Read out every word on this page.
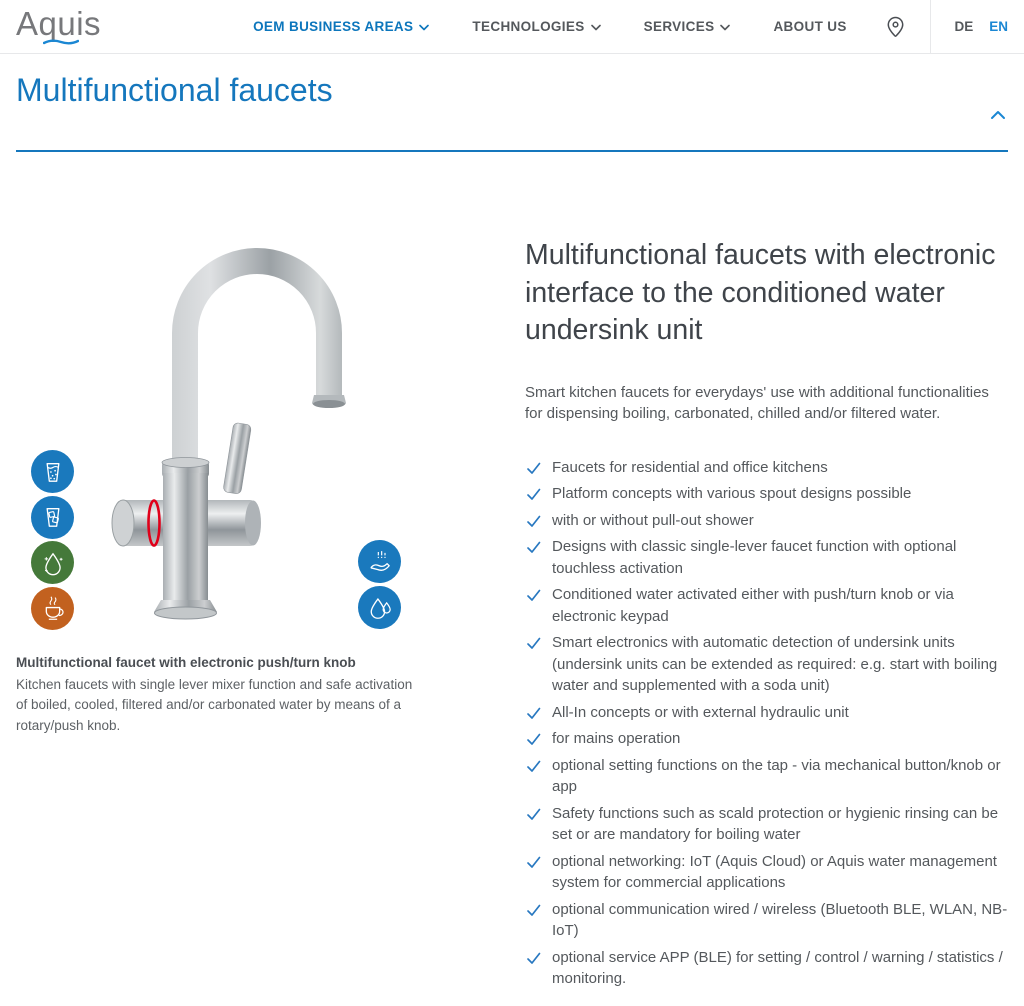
Aquis	OEM BUSINESS AREAS	TECHNOLOGIES	SERVICES	ABOUT US	DE EN
Multifunctional faucets

Multifunctional faucet with electronic push/turn knob

Kitchen faucets with single lever mixer function and safe activation of boiled, cooled, filtered and/or carbonated water by means of a rotary/push knob.

Multifunctional faucets with electronic interface to the conditioned water undersink unit

Smart kitchen faucets for everydays' use with additional functionalities for dispensing boiling, carbonated, chilled and/or filtered water.

Faucets for residential and office kitchens
Platform concepts with various spout designs possible
with or without pull-out shower
Designs with classic single-lever faucet function with optional touchless activation
Conditioned water activated either with push/turn knob or via electronic keypad
Smart electronics with automatic detection of undersink units (undersink units can be extended as required: e.g. start with boiling water and supplemented with a soda unit)
All-In concepts or with external hydraulic unit
for mains operation
optional setting functions on the tap - via mechanical button/knob or app
Safety functions such as scald protection or hygienic rinsing can be set or are mandatory for boiling water
optional networking: IoT (Aquis Cloud) or Aquis water management system for commercial applications
optional communication wired / wireless (Bluetooth BLE, WLAN, NB-IoT)
optional service APP (BLE) for setting / control / warning / statistics / monitoring.
